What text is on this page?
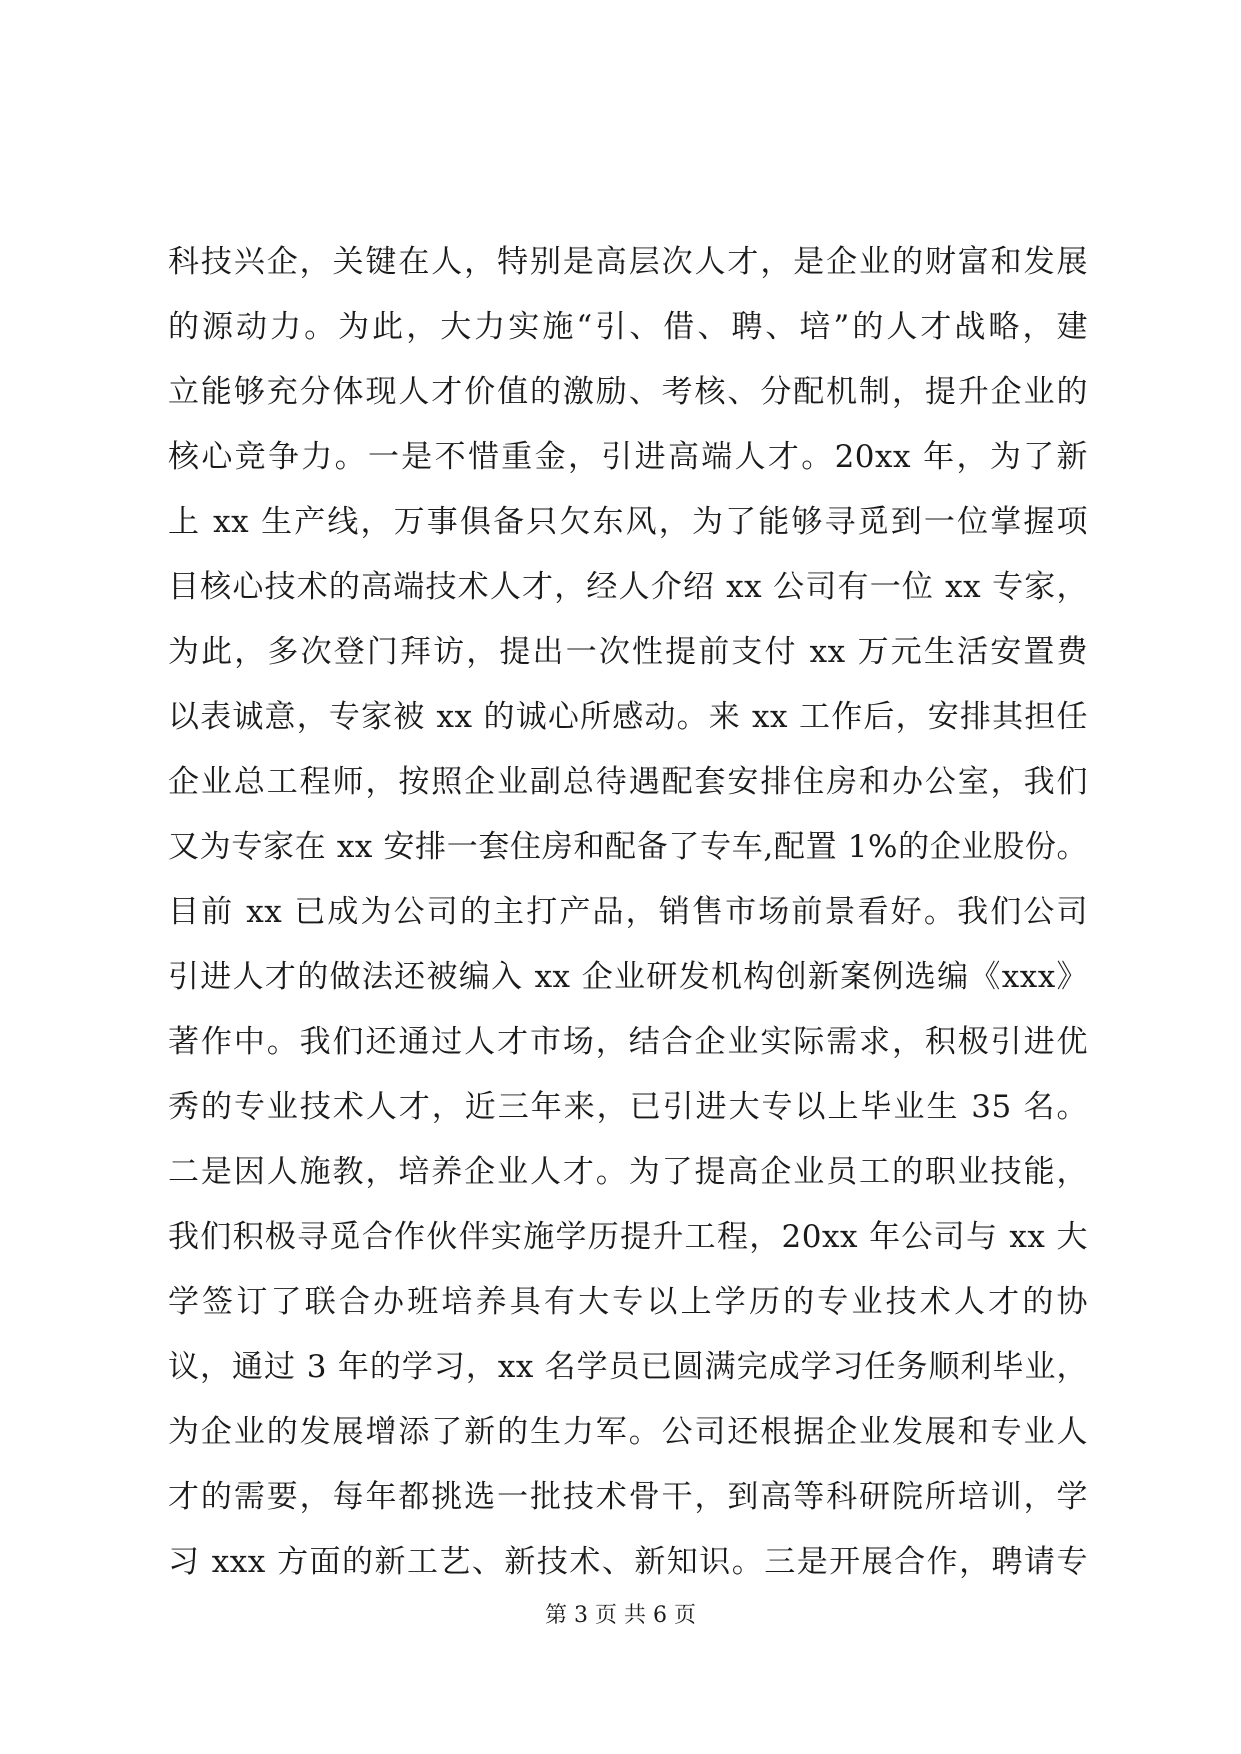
科技兴企，关键在人，特别是高层次人才，是企业的财富和发展
的源动力。为此，大力实施“引、借、聘、培”的人才战略，建
立能够充分体现人才价值的激励、考核、分配机制，提升企业的
核心竞争力。一是不惜重金，引进高端人才。20xx 年，为了新
上 xx 生产线，万事俱备只欠东风，为了能够寻觅到一位掌握项
目核心技术的高端技术人才，经人介绍 xx 公司有一位 xx 专家，
为此，多次登门拜访，提出一次性提前支付 xx 万元生活安置费
以表诚意，专家被 xx 的诚心所感动。来 xx 工作后，安排其担任
企业总工程师，按照企业副总待遇配套安排住房和办公室，我们
又为专家在 xx 安排一套住房和配备了专车,配置 1%的企业股份。
目前 xx 已成为公司的主打产品，销售市场前景看好。我们公司
引进人才的做法还被编入 xx 企业研发机构创新案例选编《xxx》
著作中。我们还通过人才市场，结合企业实际需求，积极引进优
秀的专业技术人才，近三年来，已引进大专以上毕业生 35 名。
二是因人施教，培养企业人才。为了提高企业员工的职业技能，
我们积极寻觅合作伙伴实施学历提升工程，20xx 年公司与 xx 大
学签订了联合办班培养具有大专以上学历的专业技术人才的协
议，通过 3 年的学习，xx 名学员已圆满完成学习任务顺利毕业，
为企业的发展增添了新的生力军。公司还根据企业发展和专业人
才的需要，每年都挑选一批技术骨干，到高等科研院所培训，学
习 xxx 方面的新工艺、新技术、新知识。三是开展合作，聘请专
第 3 页 共 6 页
